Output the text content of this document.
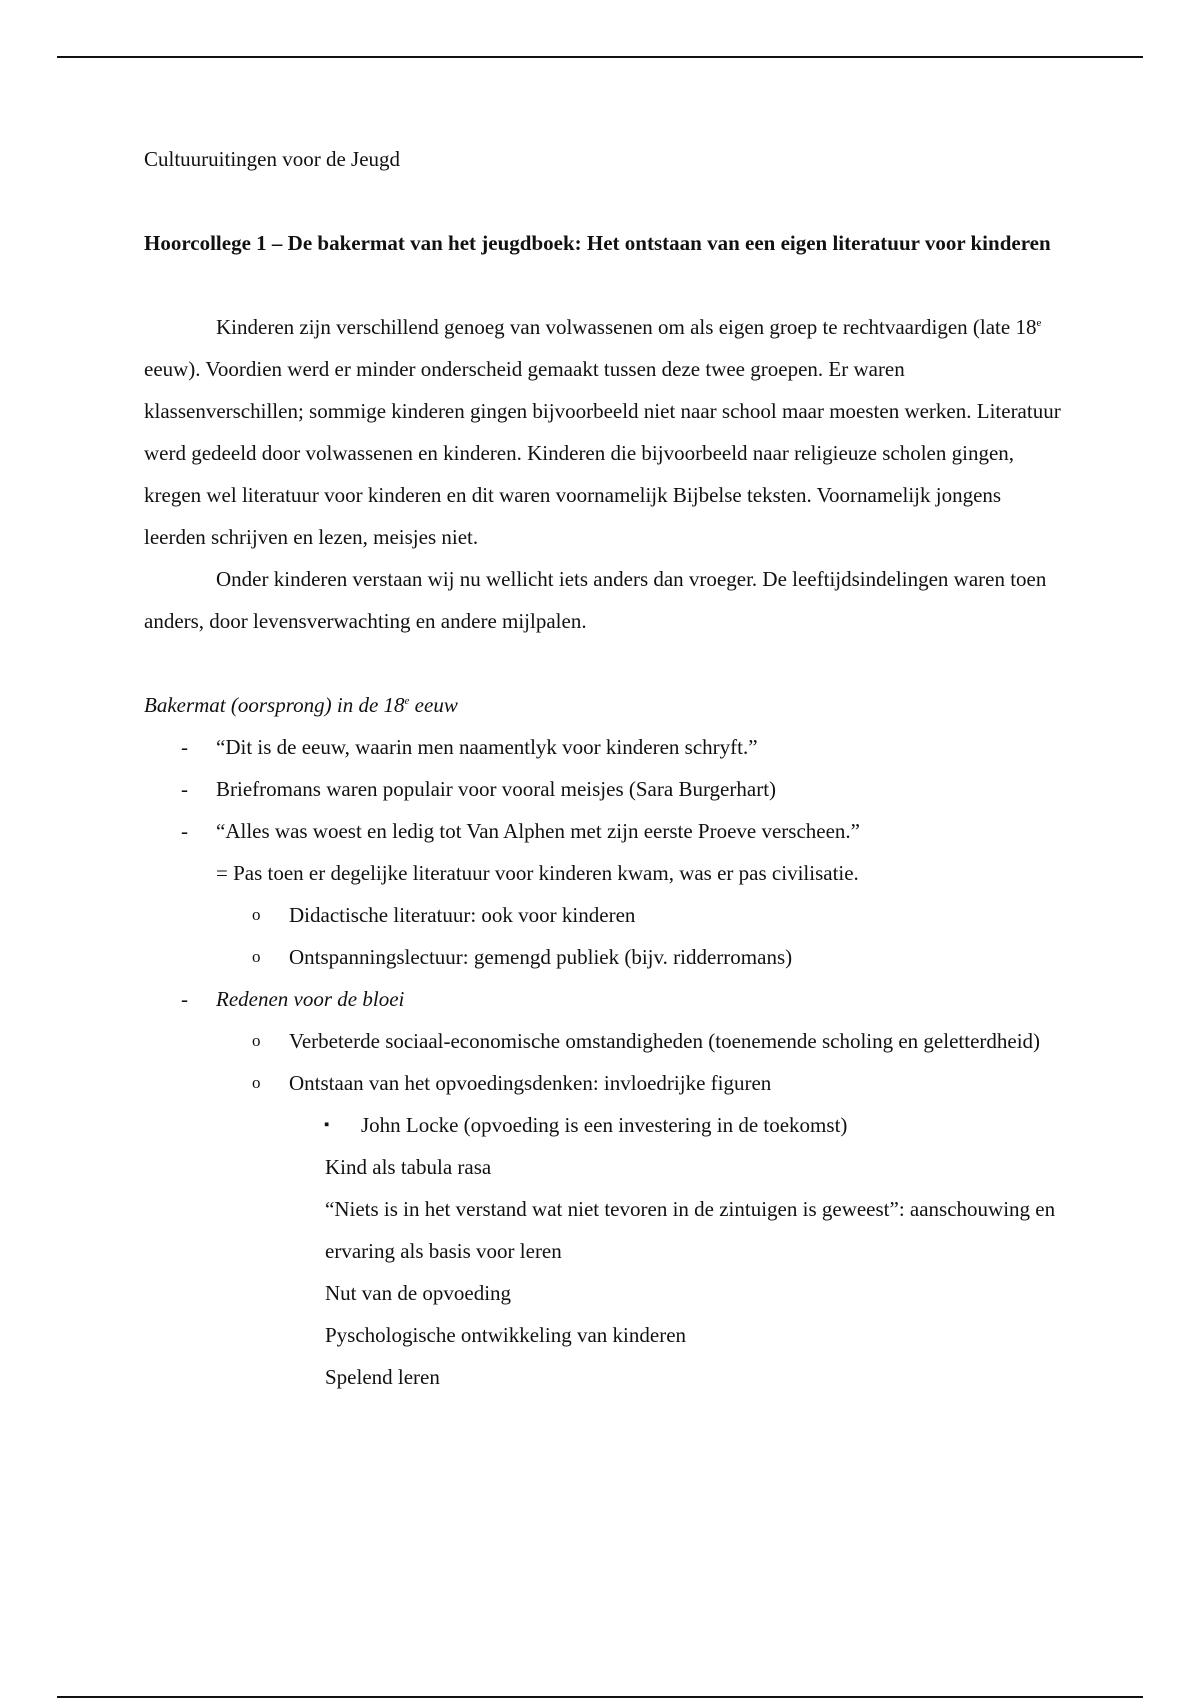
Cultuuruitingen voor de Jeugd

Hoorcollege 1 – De bakermat van het jeugdboek: Het ontstaan van een eigen literatuur voor kinderen

Kinderen zijn verschillend genoeg van volwassenen om als eigen groep te rechtvaardigen (late 18e eeuw). Voordien werd er minder onderscheid gemaakt tussen deze twee groepen. Er waren klassenverschillen; sommige kinderen gingen bijvoorbeeld niet naar school maar moesten werken. Literatuur werd gedeeld door volwassenen en kinderen. Kinderen die bijvoorbeeld naar religieuze scholen gingen, kregen wel literatuur voor kinderen en dit waren voornamelijk Bijbelse teksten. Voornamelijk jongens leerden schrijven en lezen, meisjes niet.

Onder kinderen verstaan wij nu wellicht iets anders dan vroeger. De leeftijdsindelingen waren toen anders, door levensverwachting en andere mijlpalen.

Bakermat (oorsprong) in de 18e eeuw

- “Dit is de eeuw, waarin men naamentlyk voor kinderen schryft.”
- Briefromans waren populair voor vooral meisjes (Sara Burgerhart)
- “Alles was woest en ledig tot Van Alphen met zijn eerste Proeve verscheen.”
= Pas toen er degelijke literatuur voor kinderen kwam, was er pas civilisatie.
o Didactische literatuur: ook voor kinderen
o Ontspanningslectuur: gemengd publiek (bijv. ridderromans)
- Redenen voor de bloei
o Verbeterde sociaal-economische omstandigheden (toenemende scholing en geletterdheid)
o Ontstaan van het opvoedingsdenken: invloedrijke figuren
▪ John Locke (opvoeding is een investering in de toekomst)
Kind als tabula rasa
“Niets is in het verstand wat niet tevoren in de zintuigen is geweest”: aanschouwing en ervaring als basis voor leren
Nut van de opvoeding
Pyschologische ontwikkeling van kinderen
Spelend leren
